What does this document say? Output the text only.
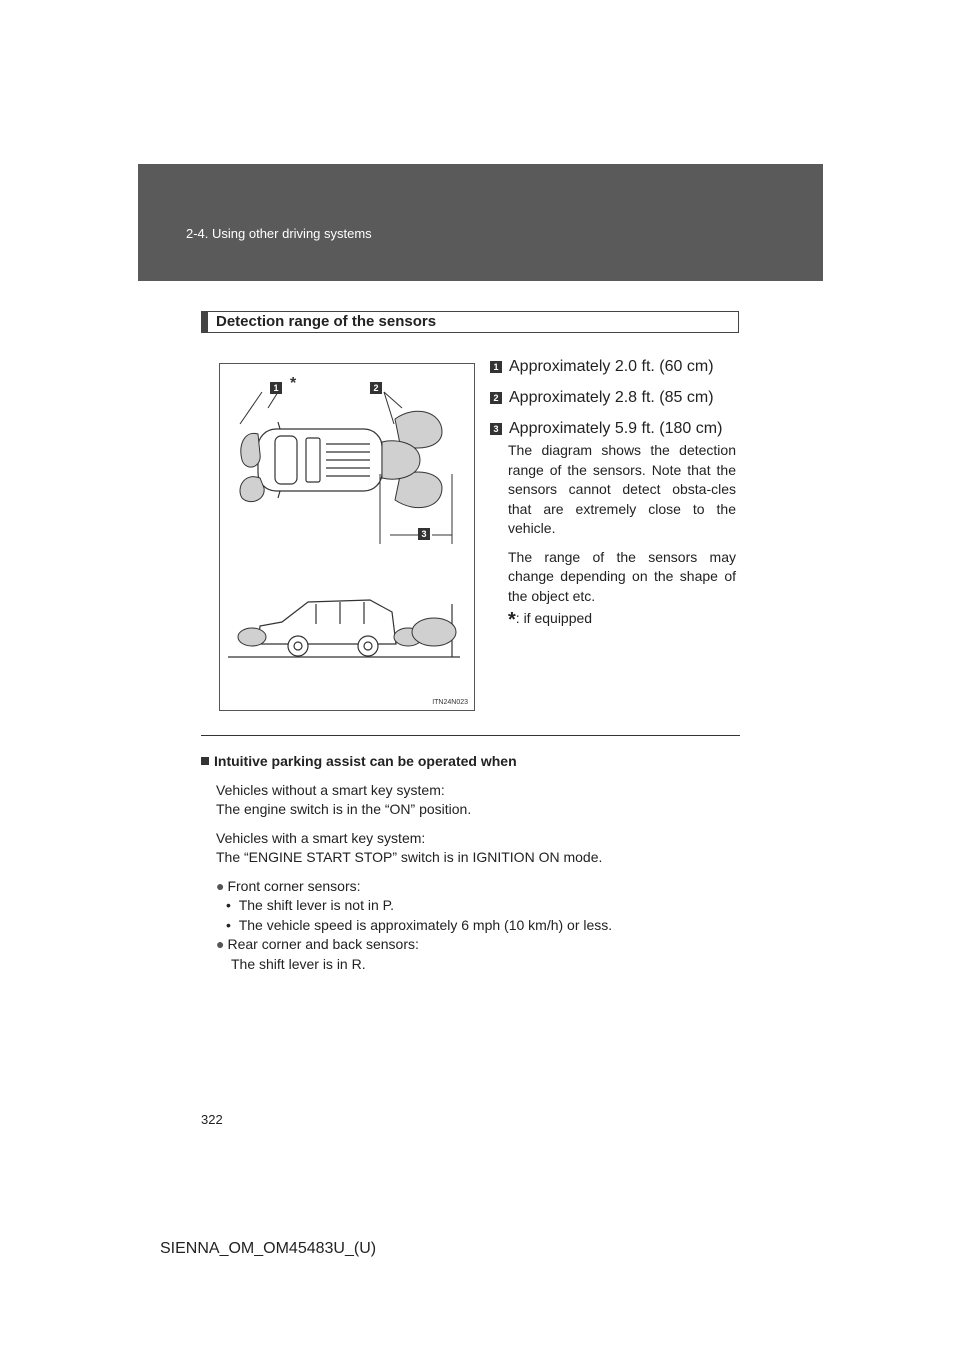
2-4. Using other driving systems
Detection range of the sensors
1	2
3
*
ITN24N023
1 Approximately 2.0 ft. (60 cm)
2 Approximately 2.8 ft. (85 cm)
3 Approximately 5.9 ft. (180 cm)

The diagram shows the detection range of the sensors. Note that the sensors cannot detect obsta-cles that are extremely close to the vehicle.

The range of the sensors may change depending on the shape of the object etc.

*: if equipped

Intuitive parking assist can be operated when

Vehicles without a smart key system:

The engine switch is in the “ON” position.

Vehicles with a smart key system:

The “ENGINE START STOP” switch is in IGNITION ON mode.

● Front corner sensors:

•  The shift lever is not in P.

•  The vehicle speed is approximately 6 mph (10 km/h) or less.

● Rear corner and back sensors:

The shift lever is in R.

322
SIENNA_OM_OM45483U_(U)
